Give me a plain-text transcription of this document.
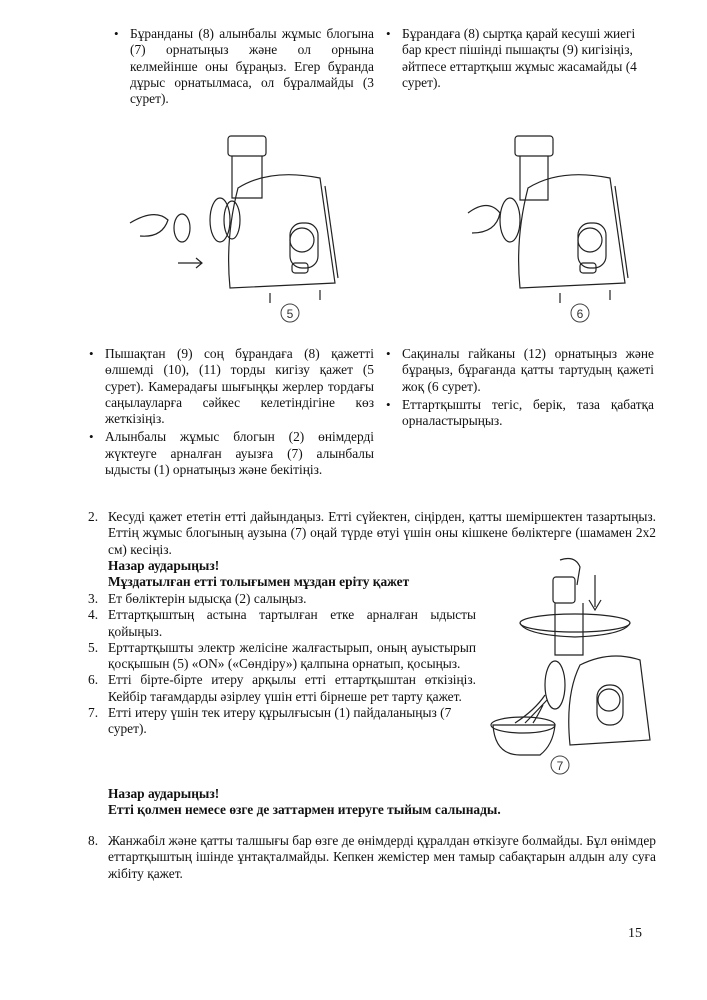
• Бұранданы (8) алынбалы жұмыс блогына (7) орнатыңыз және ол орнына келмейінше оны бұраңыз. Егер бұранда дұрыс орнатылмаса, ол бұралмайды (3 сурет).
• Бұрандаға (8) сыртқа қарай кесуші жиегі бар крест пішінді пышақты (9) кигізіңіз, әйтпесе еттартқыш жұмыс жасамайды (4 сурет).
5	6
• Пышақтан (9) соң бұрандаға (8) қажетті өлшемді (10), (11) торды кигізу қажет (5 сурет). Камерадағы шығыңқы жерлер тордағы саңылауларға сәйкес келетіндігіне көз жеткізіңіз.
• Алынбалы жұмыс блогын (2) өнімдерді жүктеуге арналған ауызға (7) алынбалы ыдысты (1) орнатыңыз және бекітіңіз.
• Сақиналы гайканы (12) орнатыңыз және бұраңыз, бұрағанда қатты тартудың қажеті жоқ (6 сурет).
• Еттартқышты тегіс, берік, таза қабатқа орналастырыңыз.
2. Кесуді қажет ететін етті дайындаңыз. Етті сүйектен, сіңірден, қатты шеміршектен тазартыңыз. Еттің жұмыс блогының аузына (7) оңай түрде өтуі үшін оны кішкене бөліктерге (шамамен 2x2 см) кесіңіз.
Назар аударыңыз!
Мұздатылған етті толығымен мұздан еріту қажет
3. Ет бөліктерін ыдысқа (2) салыңыз.
4. Еттартқыштың астына тартылған етке арналған ыдысты қойыңыз.
5. Ерттартқышты электр желісіне жалғастырып, оның ауыстырып қосқышын (5) «ON» («Сөндіру») қалпына орнатып, қосыңыз.
6. Етті бірте-бірте итеру арқылы етті еттартқыштан өткізіңіз. Кейбір тағамдарды әзірлеу үшін етті бірнеше рет тарту қажет.
7. Етті итеру үшін тек итеру құрылғысын (1) пайдаланыңыз (7 сурет).
7
Назар аударыңыз!
Етті қолмен немесе өзге де заттармен итеруге тыйым салынады.
8. Жанжабіл және қатты талшығы бар өзге де өнімдерді құралдан өткізуге болмайды. Бұл өнімдер еттартқыштың ішінде ұнтақталмайды. Кепкен жемістер мен тамыр сабақтарын алдын алу суға жібіту қажет.
15
